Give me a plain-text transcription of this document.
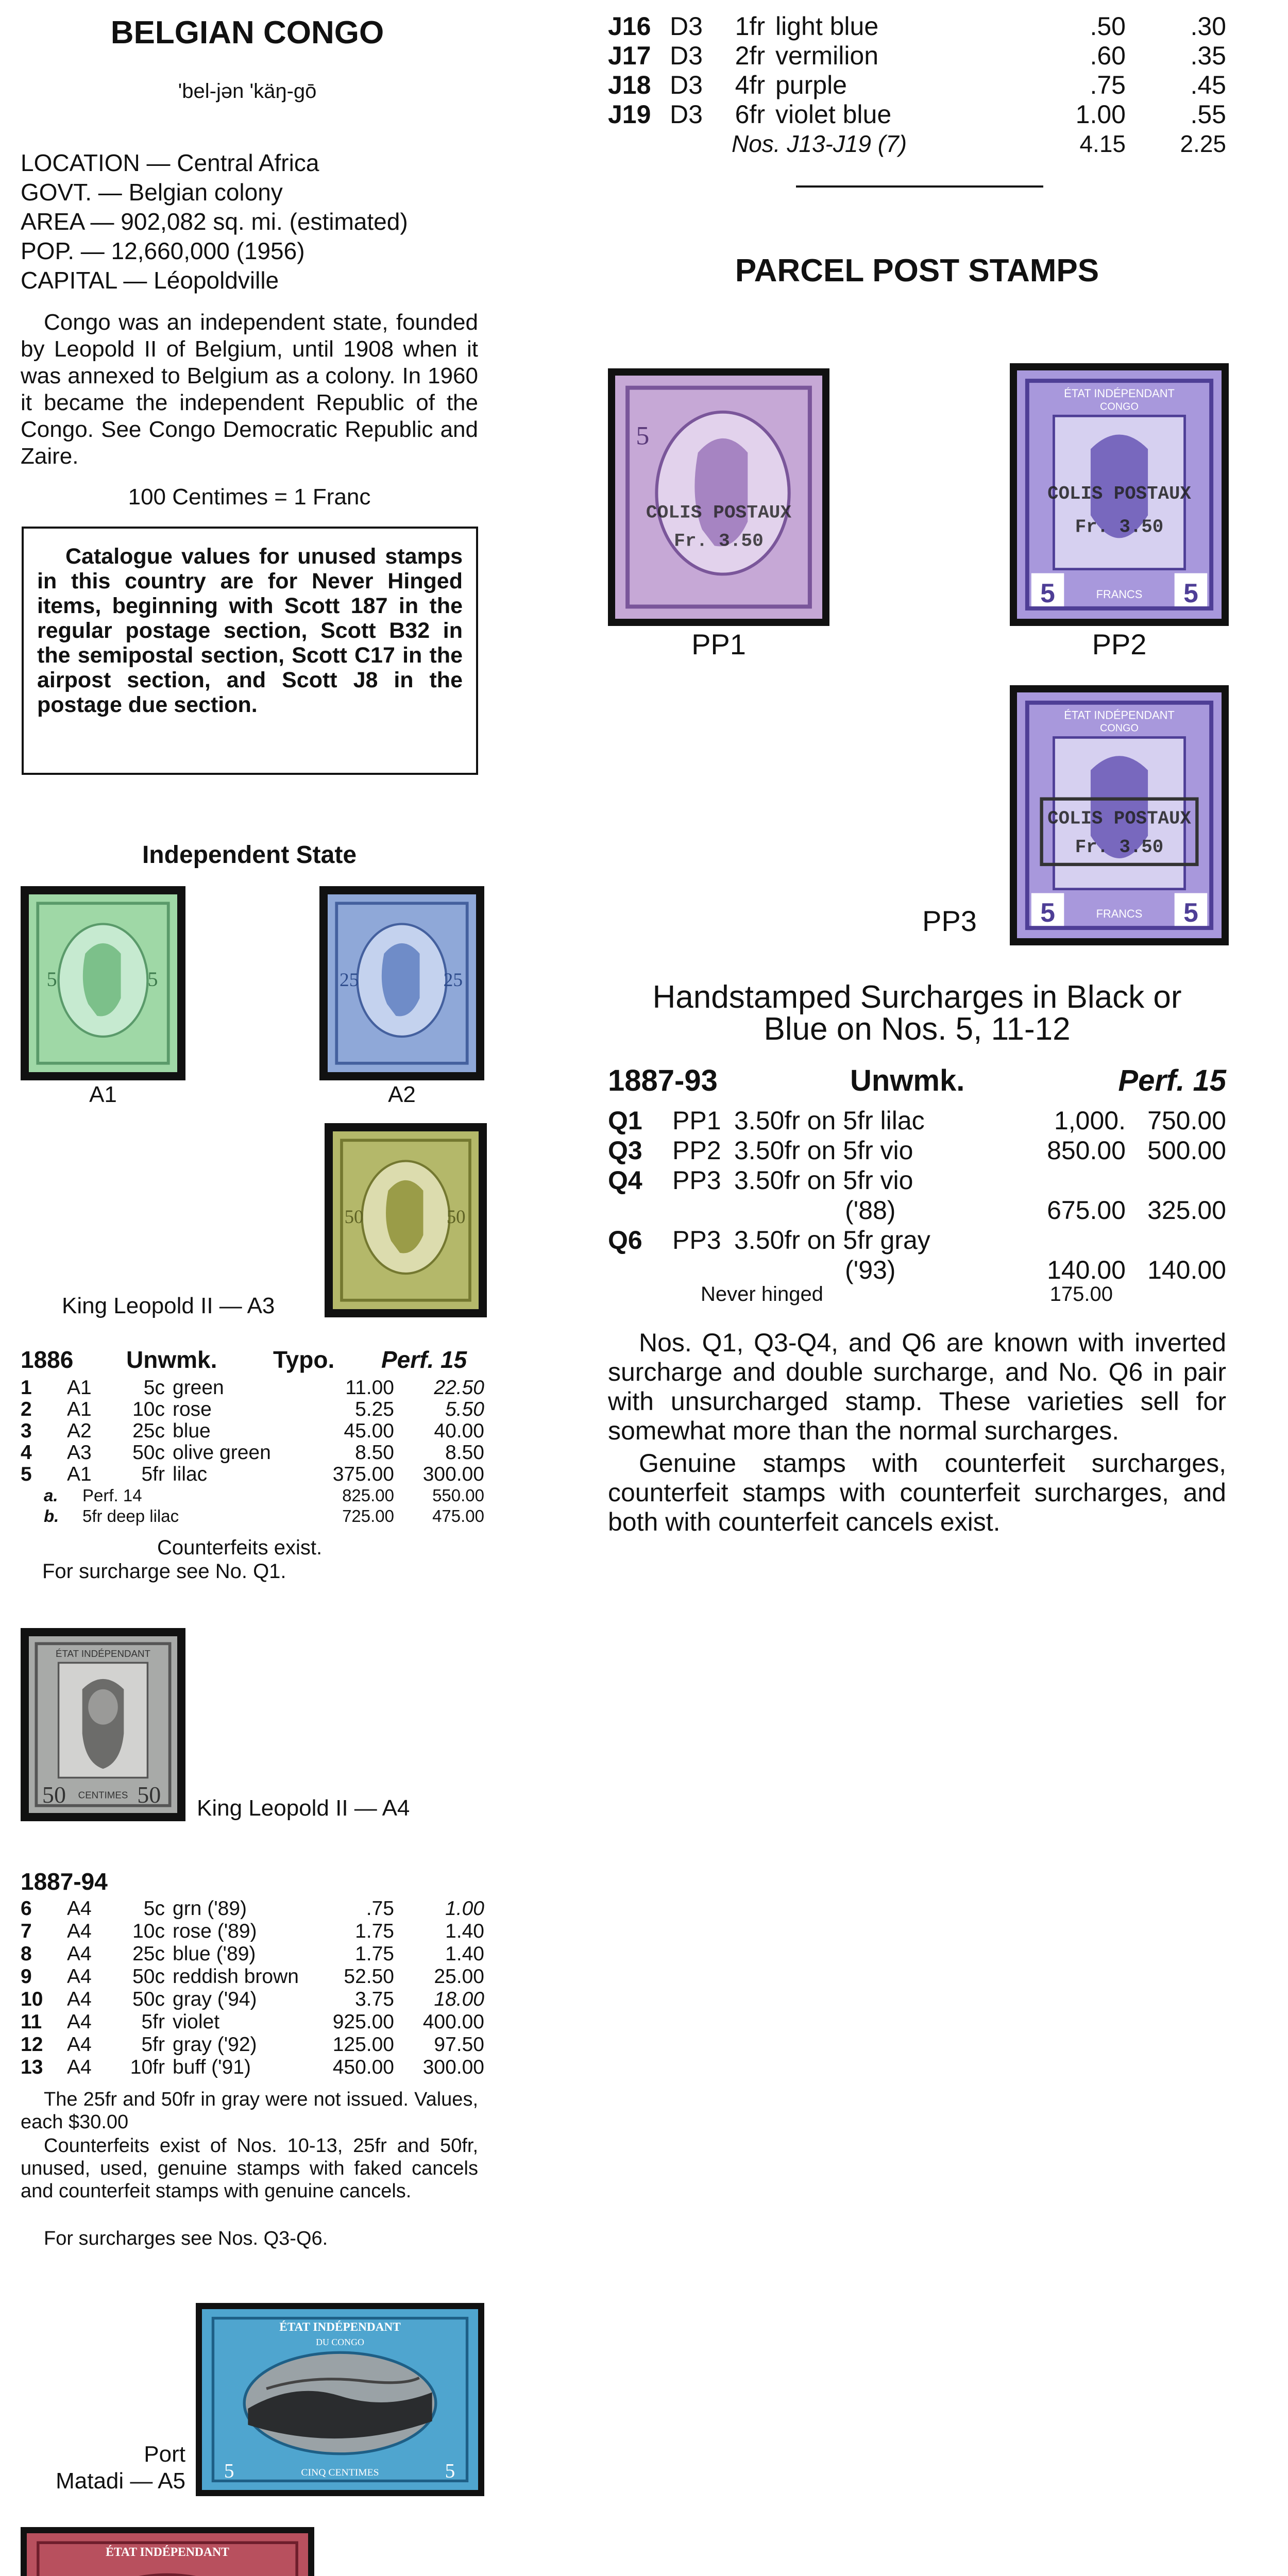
BELGIAN CONGO
'bel-jən 'käŋ-gō
LOCATION — Central Africa
GOVT. — Belgian colony
AREA — 902,082 sq. mi. (estimated)
POP. — 12,660,000 (1956)
CAPITAL — Léopoldville

Congo was an independent state, founded by Leopold II of Belgium, until 1908 when it was annexed to Belgium as a colony. In 1960 it became the independent Republic of the Congo. See Congo Democratic Republic and Zaire.

100 Centimes = 1 Franc

Catalogue values for unused stamps in this country are for Never Hinged items, beginning with Scott 187 in the regular postage section, Scott B32 in the semipostal section, Scott C17 in the airpost section, and Scott J8 in the postage due section.

Independent State
5	5
A1
25	25
A2
50	50
King Leopold II — A3
1886 Unwmk. Typo. Perf. 15
1 A1	5c green	11.00	22.50
2 A1	10c rose	5.25	5.50
3 A2	25c blue	45.00	40.00
4 A3	50c olive green	8.50	8.50
5 A1	5fr lilac	375.00	300.00
a. Perf. 14	825.00	550.00
b. 5fr deep lilac	725.00	475.00
Counterfeits exist.
For surcharge see No. Q1.
ÉTAT INDÉPENDANT
50	CENTIMES 50
King Leopold II — A4
1887-94
6 A4	5c grn ('89)	.75	1.00
7 A4	10c rose ('89)	1.75	1.40
8 A4	25c blue ('89)	1.75	1.40
9 A4	50c reddish brown	52.50	25.00
10 A4	50c gray ('94)	3.75	18.00
11 A4	5fr violet	925.00	400.00
12 A4	5fr gray ('92)	125.00	97.50
13 A4	10fr buff ('91)	450.00	300.00

The 25fr and 50fr in gray were not issued. Values, each $30.00

Counterfeits exist of Nos. 10-13, 25fr and 50fr, unused, used, genuine stamps with faked cancels and counterfeit stamps with genuine cancels.

For surcharges see Nos. Q3-Q6.

ÉTAT INDÉPENDANT
DU CONGO
5	CINQ CENTIMES	5
Port
Matadi — A5
ÉTAT INDÉPENDANT
J16 D3	1fr light blue	.50	.30
J17 D3	2fr vermilion	.60	.35
J18 D3	4fr purple	.75	.45
J19 D3	6fr violet blue	1.00	.55
Nos. J13-J19 (7)	4.15	2.25
PARCEL POST STAMPS
5
COLIS POSTAUX
Fr. 3.50
PP1
ÉTAT INDÉPENDANT
CONGO
COLIS POSTAUX
Fr. 3.50
5	FRANCS	5
PP2
ÉTAT INDÉPENDANT
CONGO
COLIS POSTAUX
Fr. 3.50
5	FRANCS	5
PP3
Handstamped Surcharges in Black or
Blue on Nos. 5, 11-12
1887-93	Unwmk.	Perf. 15
Q1 PP1 3.50fr on 5fr lilac	1,000. 750.00
Q3 PP2 3.50fr on 5fr vio	850.00 500.00
Q4 PP3 3.50fr on 5fr vio
('88)	675.00 325.00
Q6 PP3 3.50fr on 5fr gray
('93)	140.00 140.00
Never hinged	175.00

Nos. Q1, Q3-Q4, and Q6 are known with inverted surcharge and double surcharge, and No. Q6 in pair with unsurcharged stamp. These varieties sell for somewhat more than the normal surcharges.

Genuine stamps with counterfeit surcharges, counterfeit stamps with counterfeit surcharges, and both with counterfeit cancels exist.
